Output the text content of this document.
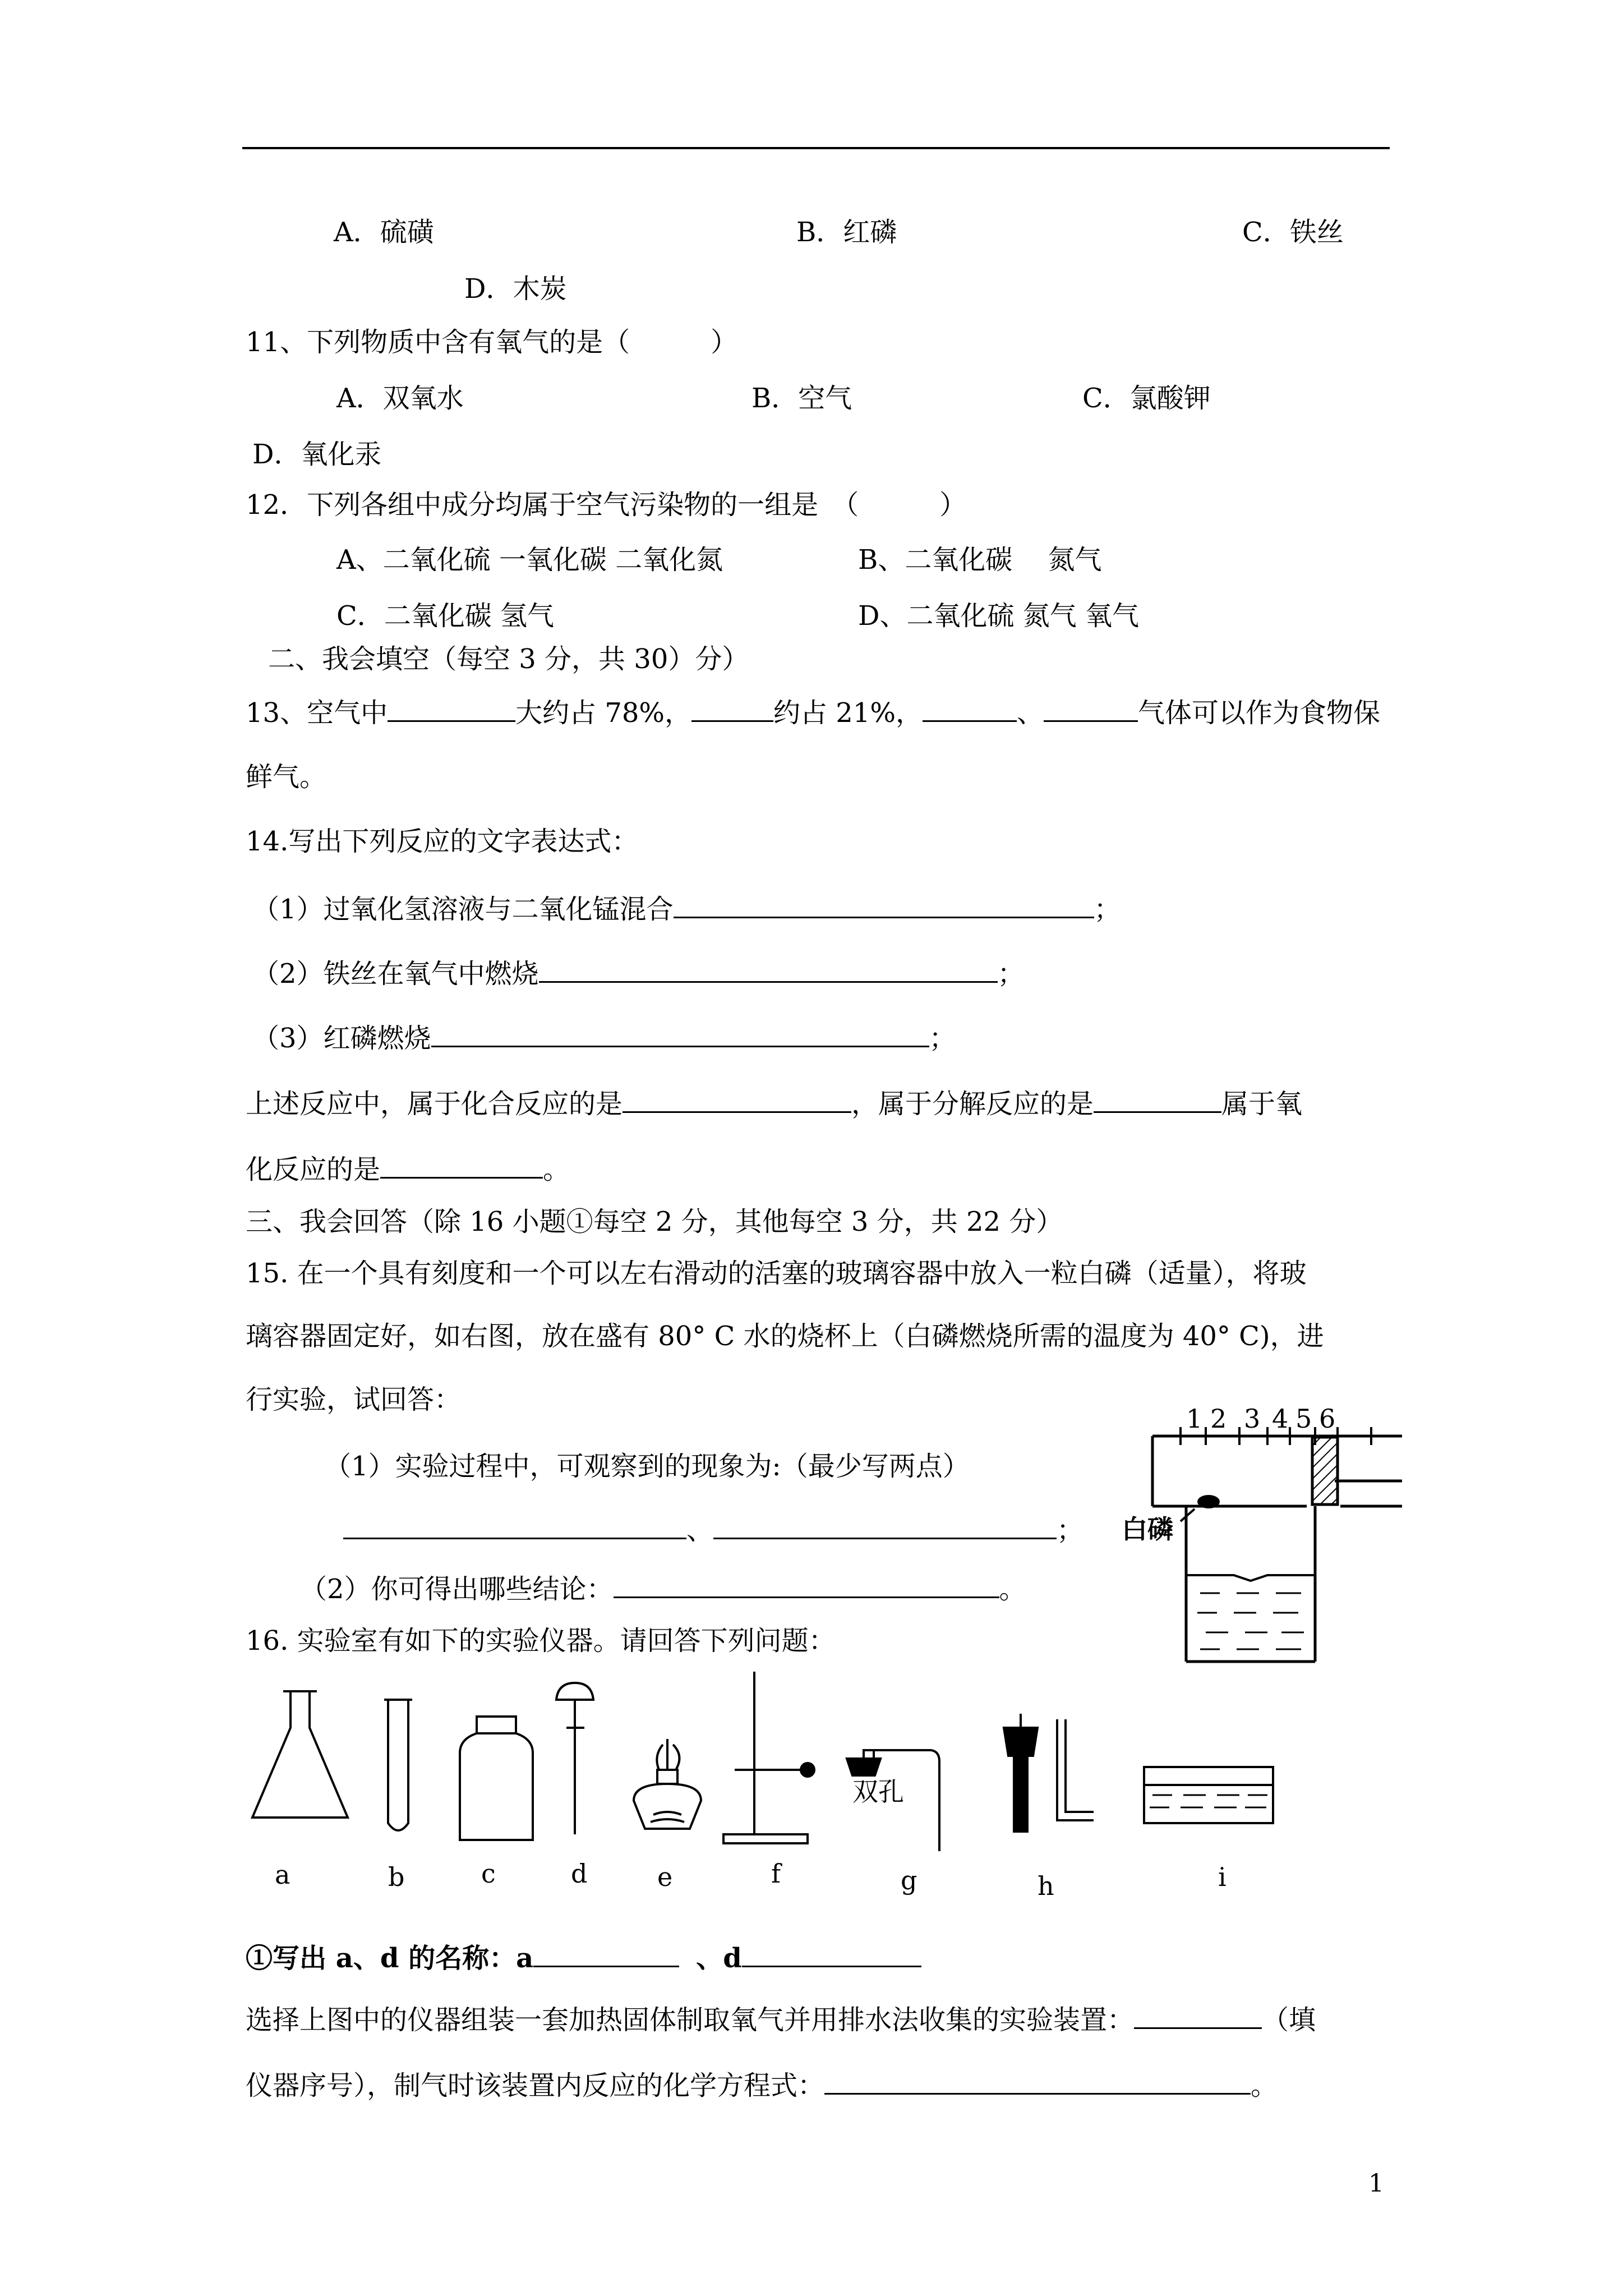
A．硫磺	B．红磷	C．铁丝
D．木炭
11、下列物质中含有氧气的是（　　　）
A．双氧水	B．空气	C．氯酸钾
D．氧化汞
12．下列各组中成分均属于空气污染物的一组是　（　　　）
A、二氧化硫 一氧化碳 二氧化氮	B、二氧化碳　 氮气
C．二氧化碳 氢气	D、二氧化硫 氮气 氧气
二、我会填空（每空 3 分，共 30）分）
13、空气中	大约占 78%，	约占 21%，	、	气体可以作为食物保
鲜气。
14.写出下列反应的文字表达式：
（1）过氧化氢溶液与二氧化锰混合	；
（2）铁丝在氧气中燃烧	；
（3）红磷燃烧	；
上述反应中，属于化合反应的是	，属于分解反应的是	属于氧
化反应的是	。
三、我会回答（除 16 小题①每空 2 分，其他每空 3 分，共 22 分）
15. 在一个具有刻度和一个可以左右滑动的活塞的玻璃容器中放入一粒白磷（适量），将玻
璃容器固定好，如右图，放在盛有 80° C 水的烧杯上（白磷燃烧所需的温度为 40° C)，进
行实验，试回答：
（1）实验过程中，可观察到的现象为:（最少写两点）
、	；
（2）你可得出哪些结论：	。
1 2 3 4 5 6
白磷
16. 实验室有如下的实验仪器。请回答下列问题：
双孔
a	b	c	d	e	f	g	h	i
①写出 a、d 的名称：a	、d
选择上图中的仪器组装一套加热固体制取氧气并用排水法收集的实验装置：	（填
仪器序号），制气时该装置内反应的化学方程式：	。
1
